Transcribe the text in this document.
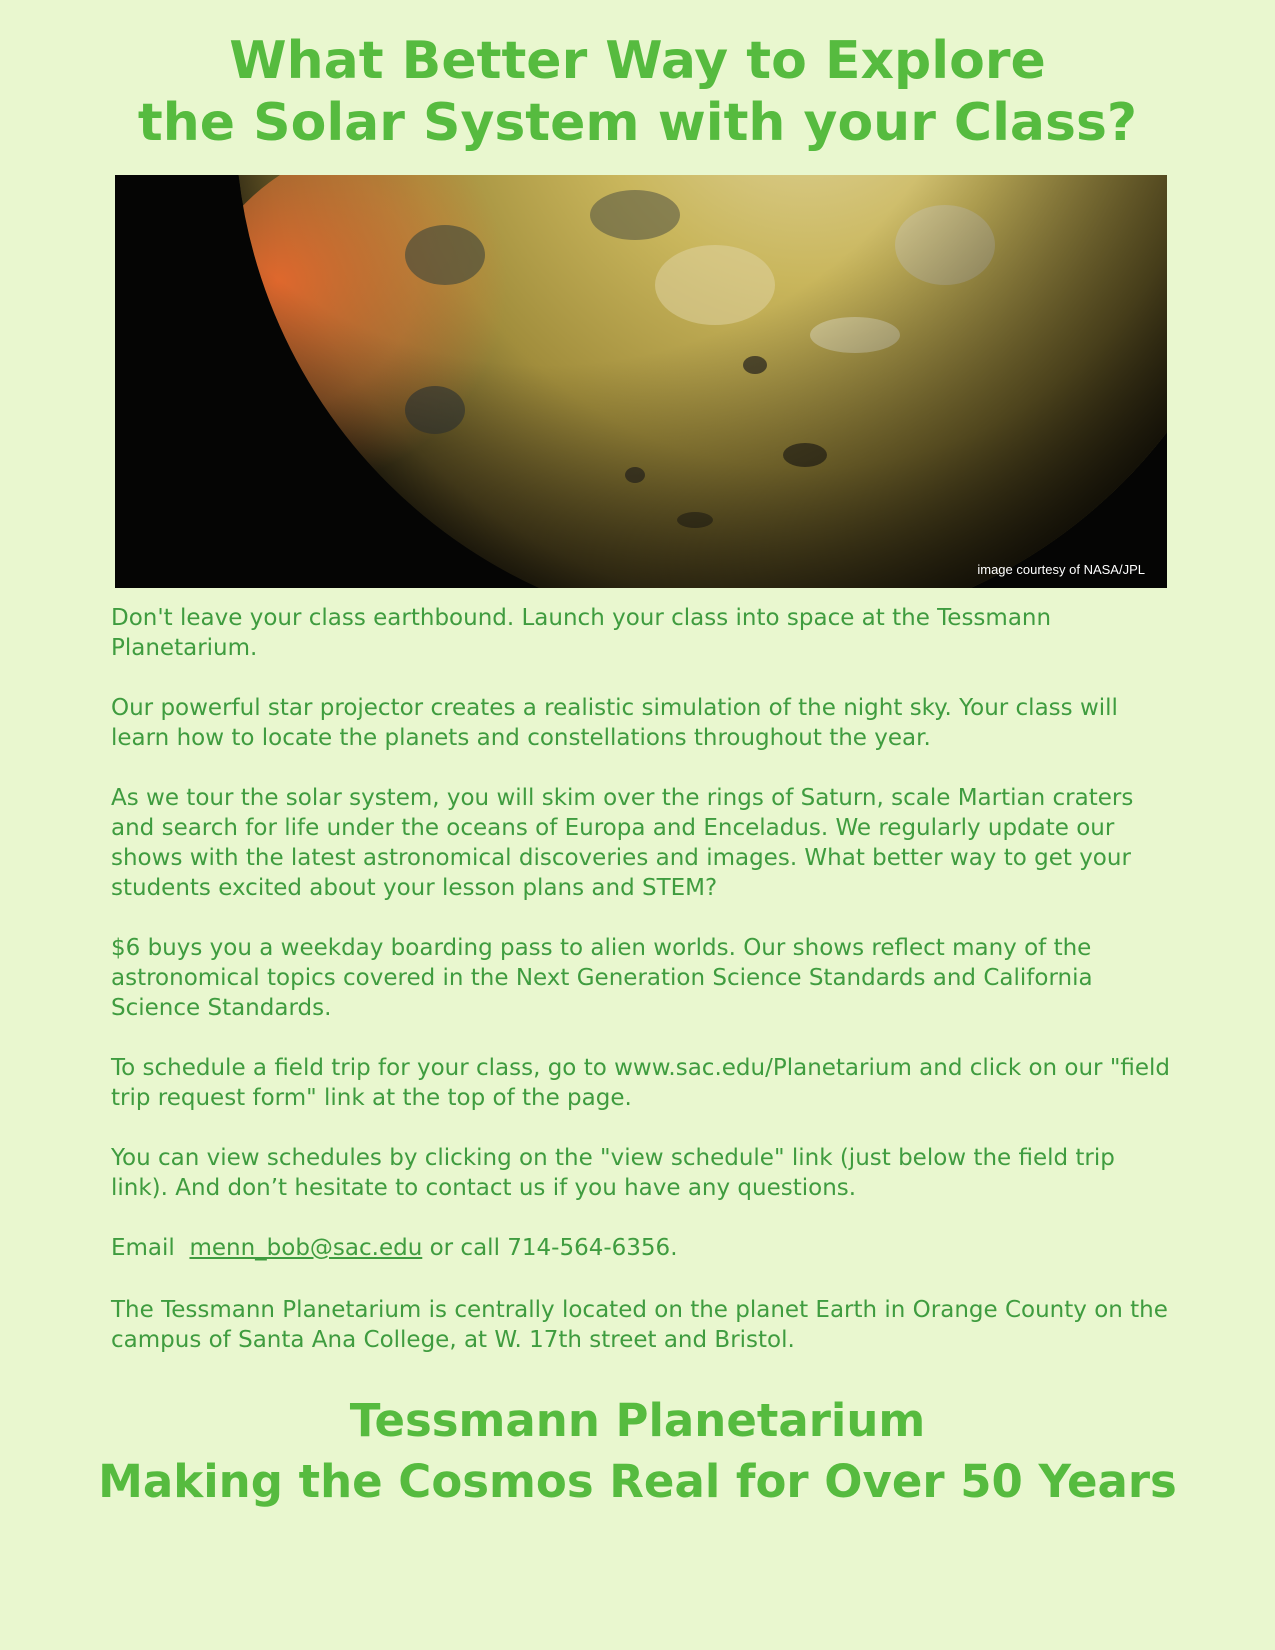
What Better Way to Explore
the Solar System with your Class?
image courtesy of NASA/JPL

Don't leave your class earthbound. Launch your class into space at the Tessmann Planetarium.

Our powerful star projector creates a realistic simulation of the night sky. Your class will learn how to locate the planets and constellations throughout the year.

As we tour the solar system, you will skim over the rings of Saturn, scale Martian craters and search for life under the oceans of Europa and Enceladus. We regularly update our shows with the latest astronomical discoveries and images. What better way to get your students excited about your lesson plans and STEM?

$6 buys you a weekday boarding pass to alien worlds. Our shows reflect many of the astronomical topics covered in the Next Generation Science Standards and California Science Standards.

To schedule a field trip for your class, go to www.sac.edu/Planetarium and click on our "field trip request form" link at the top of the page.

You can view schedules by clicking on the "view schedule" link (just below the field trip link). And don’t hesitate to contact us if you have any questions.

Email menn_bob@sac.edu or call 714-564-6356.

The Tessmann Planetarium is centrally located on the planet Earth in Orange County on the campus of Santa Ana College, at W. 17th street and Bristol.

Tessmann Planetarium
Making the Cosmos Real for Over 50 Years
